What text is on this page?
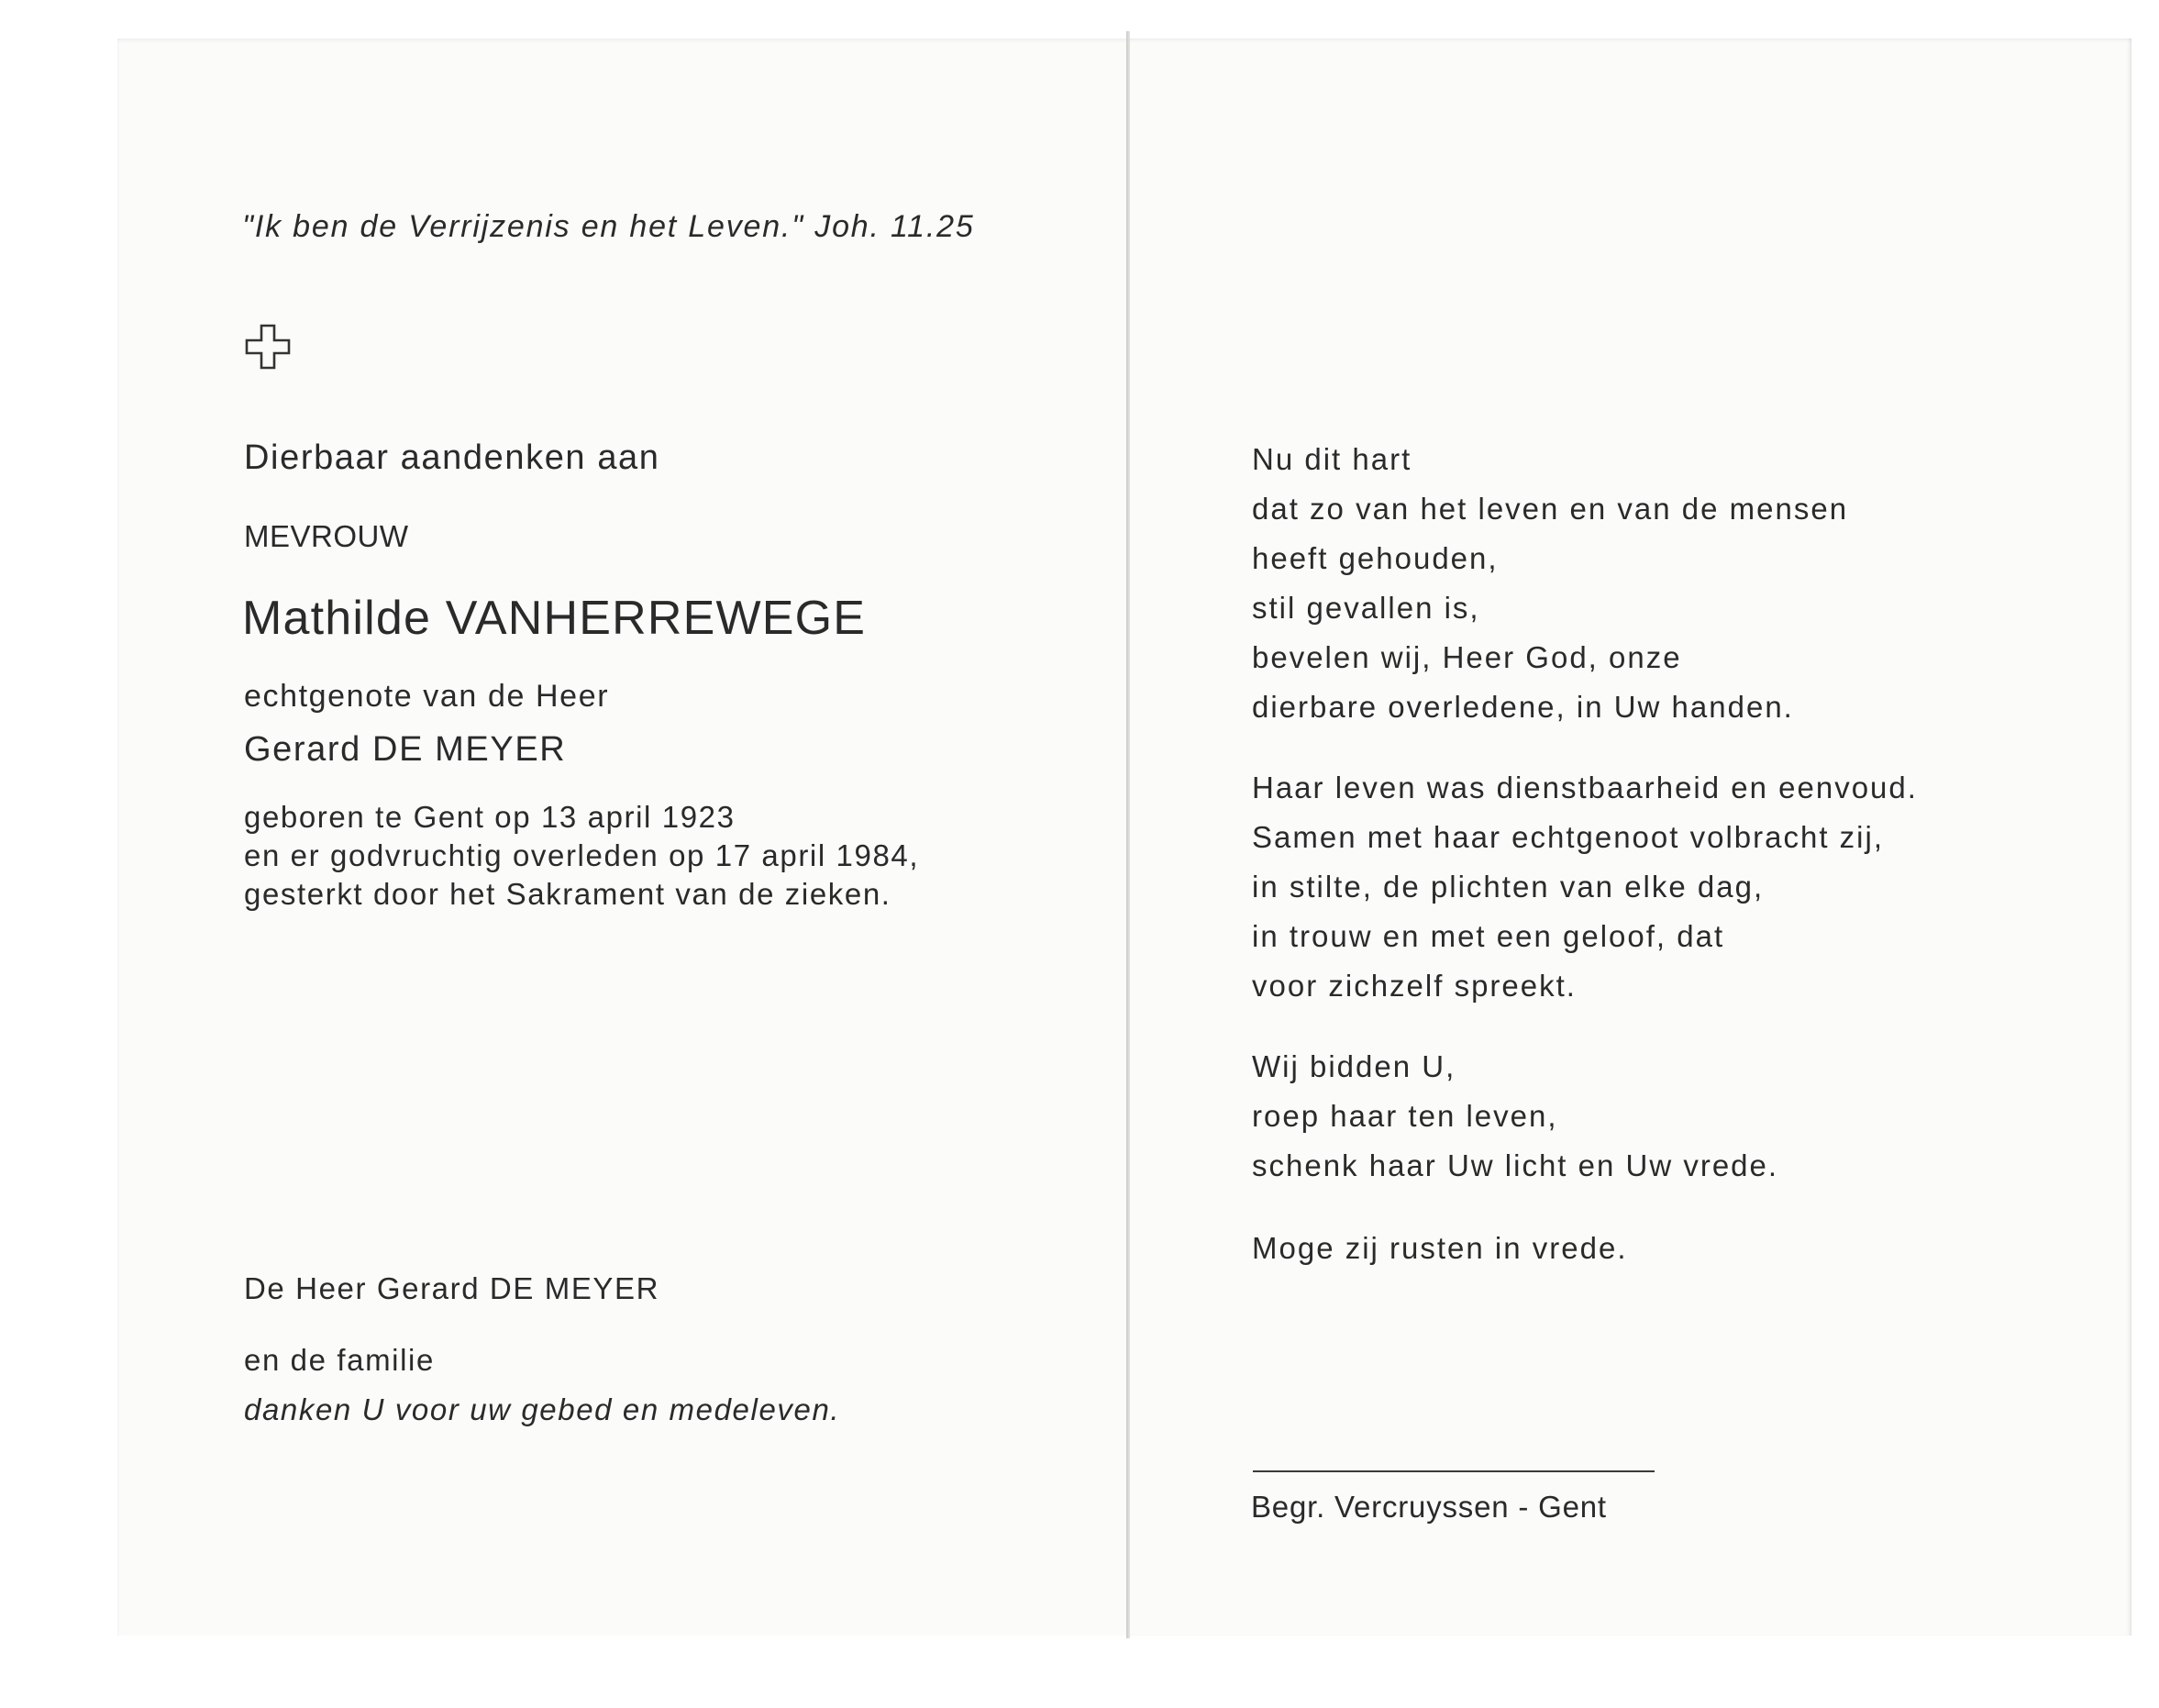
"Ik ben de Verrijzenis en het Leven." Joh. 11.25
Dierbaar aandenken aan
MEVROUW
Mathilde VANHERREWEGE
echtgenote van de Heer
Gerard DE MEYER
geboren te Gent op 13 april 1923
en er godvruchtig overleden op 17 april 1984,
gesterkt door het Sakrament van de zieken.
De Heer Gerard DE MEYER
en de familie
danken U voor uw gebed en medeleven.
Nu dit hart
dat zo van het leven en van de mensen
heeft gehouden,
stil gevallen is,
bevelen wij, Heer God, onze
dierbare overledene, in Uw handen.
Haar leven was dienstbaarheid en eenvoud.
Samen met haar echtgenoot volbracht zij,
in stilte, de plichten van elke dag,
in trouw en met een geloof, dat
voor zichzelf spreekt.
Wij bidden U,
roep haar ten leven,
schenk haar Uw licht en Uw vrede.
Moge zij rusten in vrede.
Begr. Vercruyssen - Gent
